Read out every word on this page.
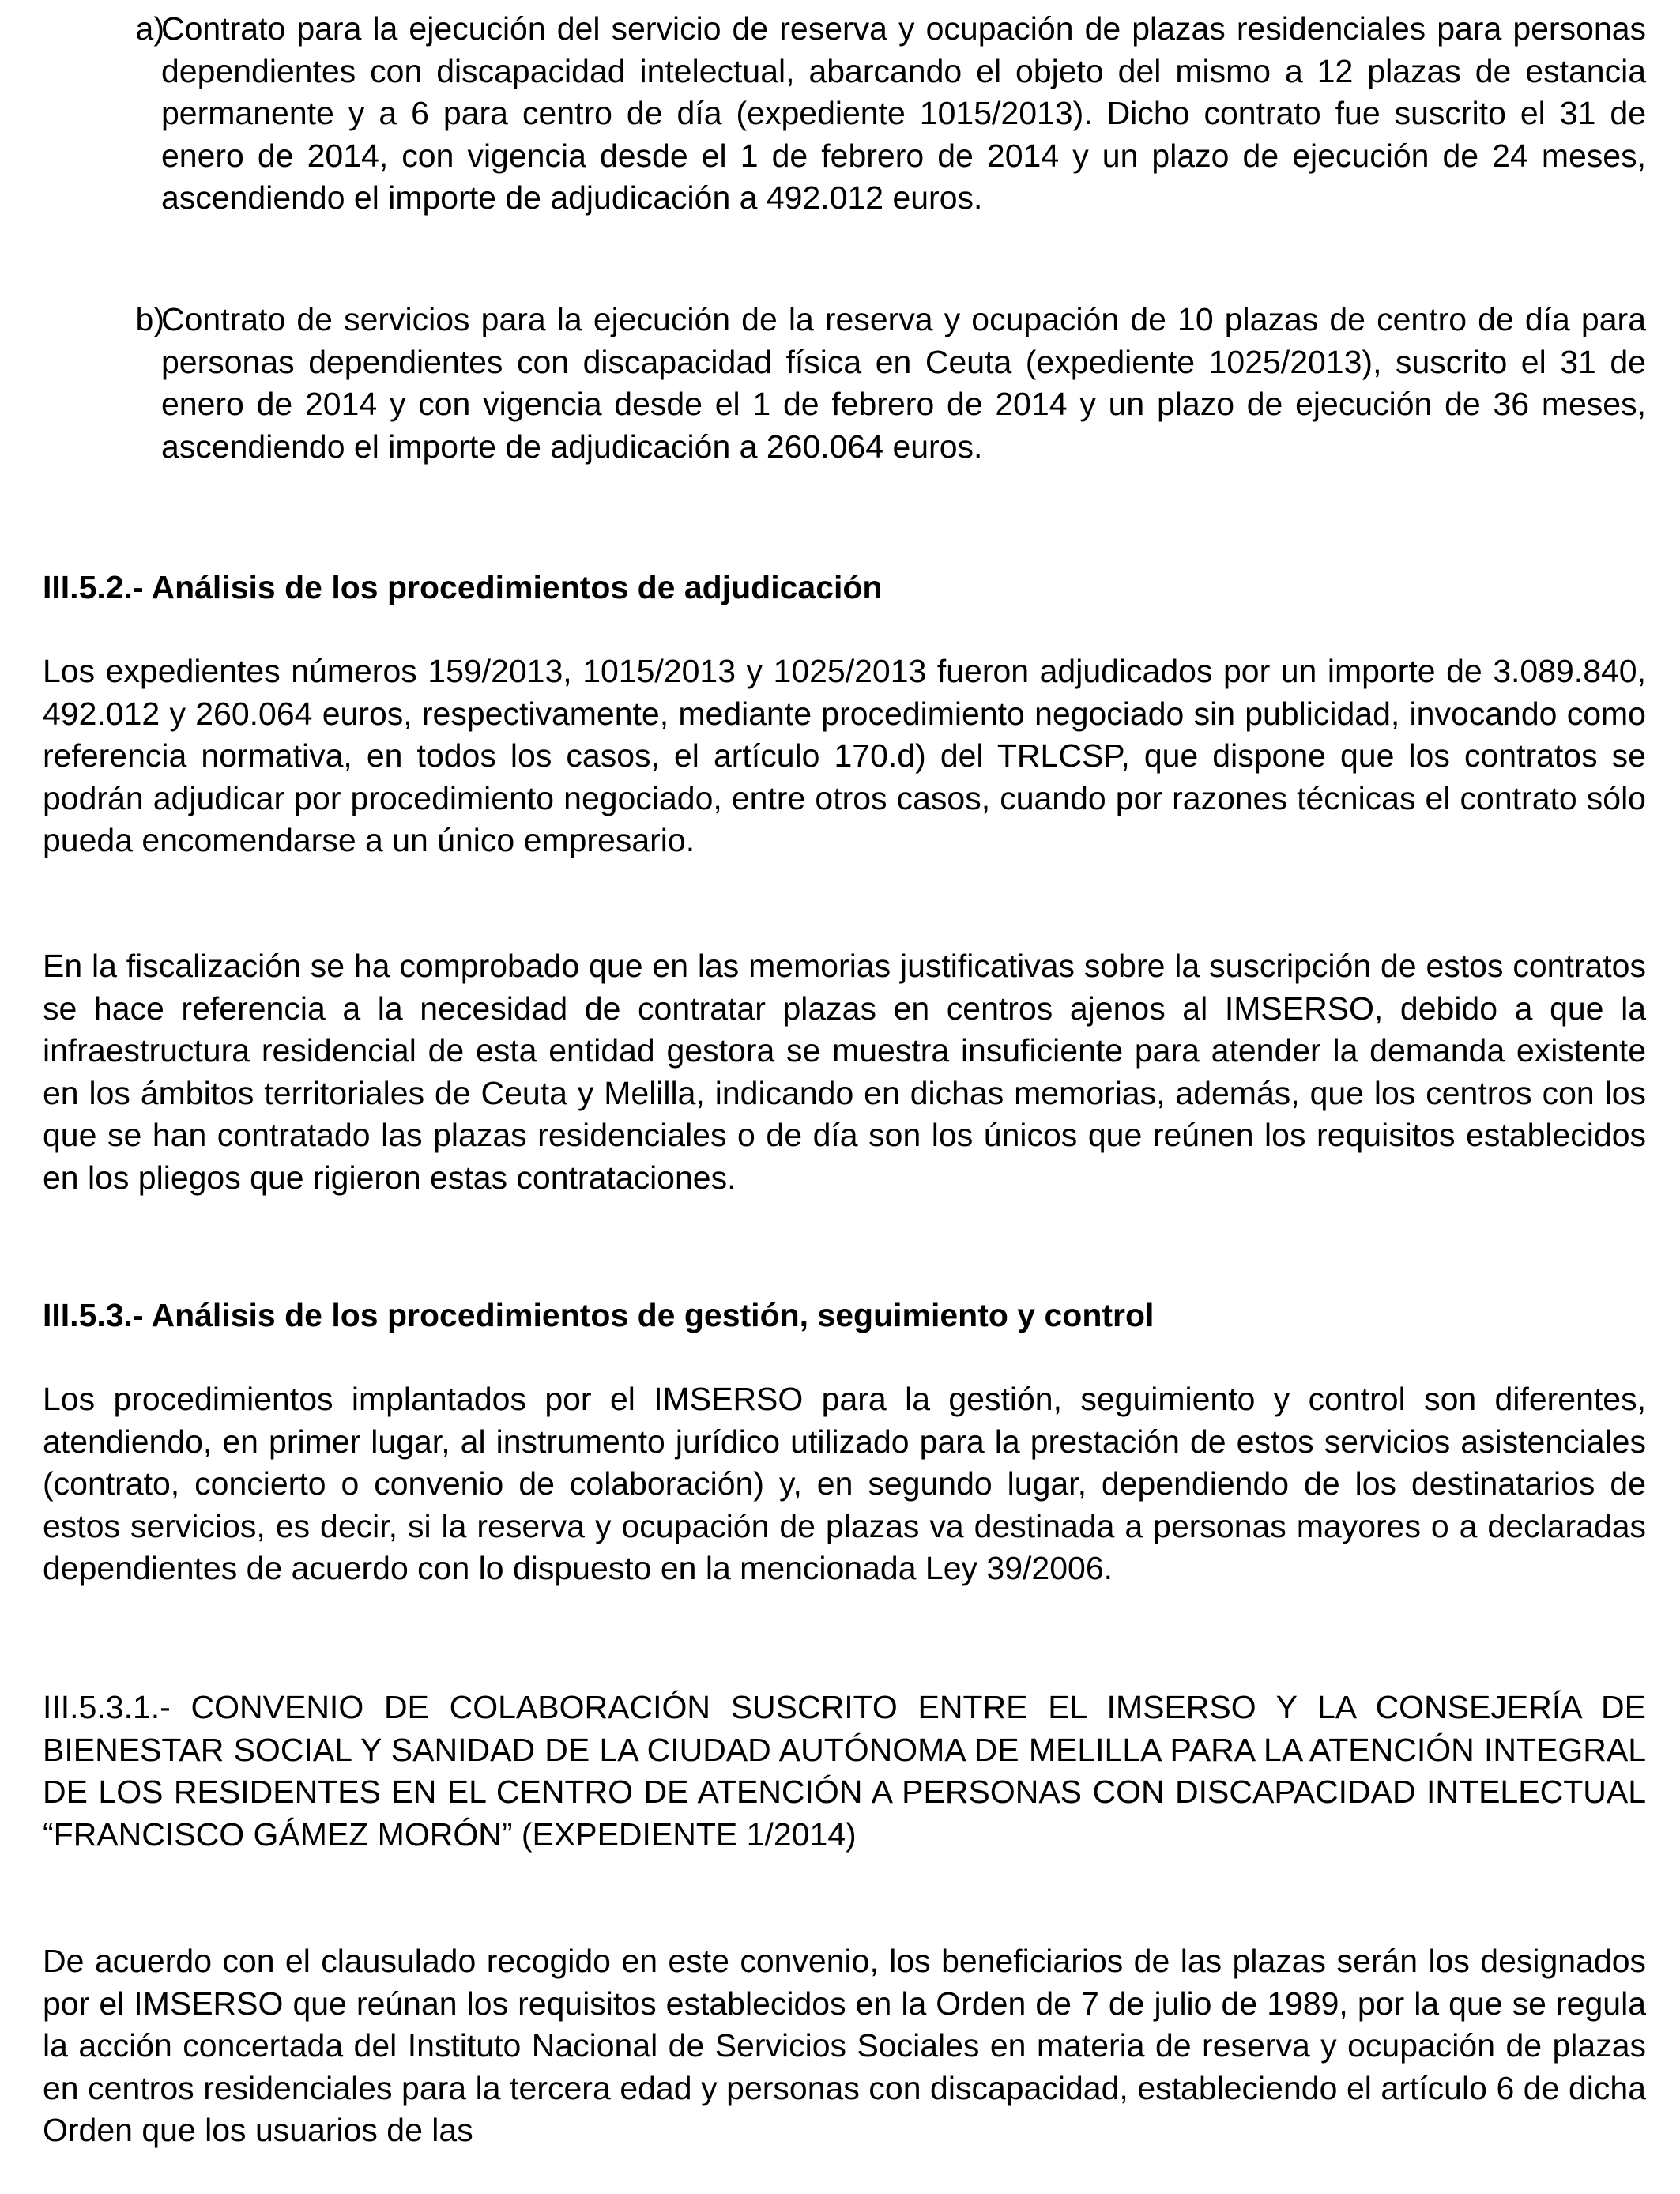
a)

Contrato para la ejecución del servicio de reserva y ocupación de plazas residenciales para personas dependientes con discapacidad intelectual, abarcando el objeto del mismo a 12 plazas de estancia permanente y a 6 para centro de día (expediente 1015/2013). Dicho contrato fue suscrito el 31 de enero de 2014, con vigencia desde el 1 de febrero de 2014 y un plazo de ejecución de 24 meses, ascendiendo el importe de adjudicación a 492.012 euros.

b)

Contrato de servicios para la ejecución de la reserva y ocupación de 10 plazas de centro de día para personas dependientes con discapacidad física en Ceuta (expediente 1025/2013), suscrito el 31 de enero de 2014 y con vigencia desde el 1 de febrero de 2014 y un plazo de ejecución de 36 meses, ascendiendo el importe de adjudicación a 260.064 euros.

III.5.2.- Análisis de los procedimientos de adjudicación

Los expedientes números 159/2013, 1015/2013 y 1025/2013 fueron adjudicados por un importe de 3.089.840, 492.012 y 260.064 euros, respectivamente, mediante procedimiento negociado sin publicidad, invocando como referencia normativa, en todos los casos, el artículo 170.d) del TRLCSP, que dispone que los contratos se podrán adjudicar por procedimiento negociado, entre otros casos, cuando por razones técnicas el contrato sólo pueda encomendarse a un único empresario.

En la fiscalización se ha comprobado que en las memorias justificativas sobre la suscripción de estos contratos se hace referencia a la necesidad de contratar plazas en centros ajenos al IMSERSO, debido a que la infraestructura residencial de esta entidad gestora se muestra insuficiente para atender la demanda existente en los ámbitos territoriales de Ceuta y Melilla, indicando en dichas memorias, además, que los centros con los que se han contratado las plazas residenciales o de día son los únicos que reúnen los requisitos establecidos en los pliegos que rigieron estas contrataciones.

III.5.3.- Análisis de los procedimientos de gestión, seguimiento y control

Los procedimientos implantados por el IMSERSO para la gestión, seguimiento y control son diferentes, atendiendo, en primer lugar, al instrumento jurídico utilizado para la prestación de estos servicios asistenciales (contrato, concierto o convenio de colaboración) y, en segundo lugar, dependiendo de los destinatarios de estos servicios, es decir, si la reserva y ocupación de plazas va destinada a personas mayores o a declaradas dependientes de acuerdo con lo dispuesto en la mencionada Ley 39/2006.

III.5.3.1.- CONVENIO DE COLABORACIÓN SUSCRITO ENTRE EL IMSERSO Y LA CONSEJERÍA DE BIENESTAR SOCIAL Y SANIDAD DE LA CIUDAD AUTÓNOMA DE MELILLA PARA LA ATENCIÓN INTEGRAL DE LOS RESIDENTES EN EL CENTRO DE ATENCIÓN A PERSONAS CON DISCAPACIDAD INTELECTUAL “FRANCISCO GÁMEZ MORÓN” (EXPEDIENTE 1/2014)

De acuerdo con el clausulado recogido en este convenio, los beneficiarios de las plazas serán los designados por el IMSERSO que reúnan los requisitos establecidos en la Orden de 7 de julio de 1989, por la que se regula la acción concertada del Instituto Nacional de Servicios Sociales en materia de reserva y ocupación de plazas en centros residenciales para la tercera edad y personas con discapacidad, estableciendo el artículo 6 de dicha Orden que los usuarios de las
